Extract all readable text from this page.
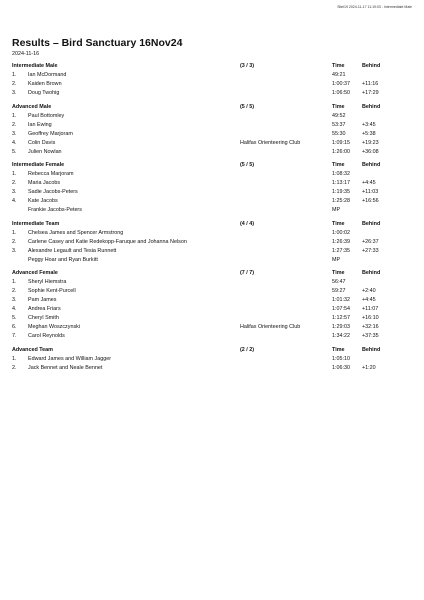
Sitel19 2024-11-17 11:19:03 - Intermediate Male
Results – Bird Sanctuary 16Nov24
2024-11-16
Intermediate Male	(3 / 3)	Time	Behind
1. Ian McDormand	49:21
2. Kaiden Brown	1:00:37 +11:16
3. Doug Twohig	1:06:50 +17:29
Advanced Male	(5 / 5)	Time	Behind
1. Paul Bottomley	49:52
2. Ian Ewing	53:37	+3:45
3. Geoffrey Marjoram	55:30	+5:38
4. Colin Davis	Halifax Orienteering Club	1:09:15 +19:23
5. Julien Nowlan	1:26:00 +36:08
Intermediate Female	(5 / 5)	Time	Behind
1. Rebecca Marjoram	1:08:32
2. Maria Jacobs	1:13:17 +4:45
3. Sadie Jacobs-Peters	1:19:35 +11:03
4. Kate Jacobs	1:25:28 +16:56
Frankie Jacobs-Peters	MP
Intermediate Team	(4 / 4)	Time	Behind
1. Chelsea James and Spencer Armstrong	1:00:02
2. Carlene Casey and Katie Redekopp-Faruque and Johanna Nelson	1:26:39 +26:37
3. Alexandre Legault and Tesia Runnett	1:27:35 +27:33
Peggy Hoar and Ryan Burkitt	MP
Advanced Female	(7 / 7)	Time	Behind
1. Sheryl Hiemstra	56:47
2. Sophie Kent-Purcell	59:27	+2:40
3. Pam James	1:01:32 +4:45
4. Andrea Friars	1:07:54 +11:07
5. Cheryl Smith	1:12:57 +16:10
6. Meghan Woszczynski	Halifax Orienteering Club	1:29:03 +32:16
7. Carol Reynolds	1:34:22 +37:35
Advanced Team	(2 / 2)	Time	Behind
1. Edward James and William Jagger	1:05:10
2. Jack Bennet and Neale Bennet	1:06:30 +1:20
